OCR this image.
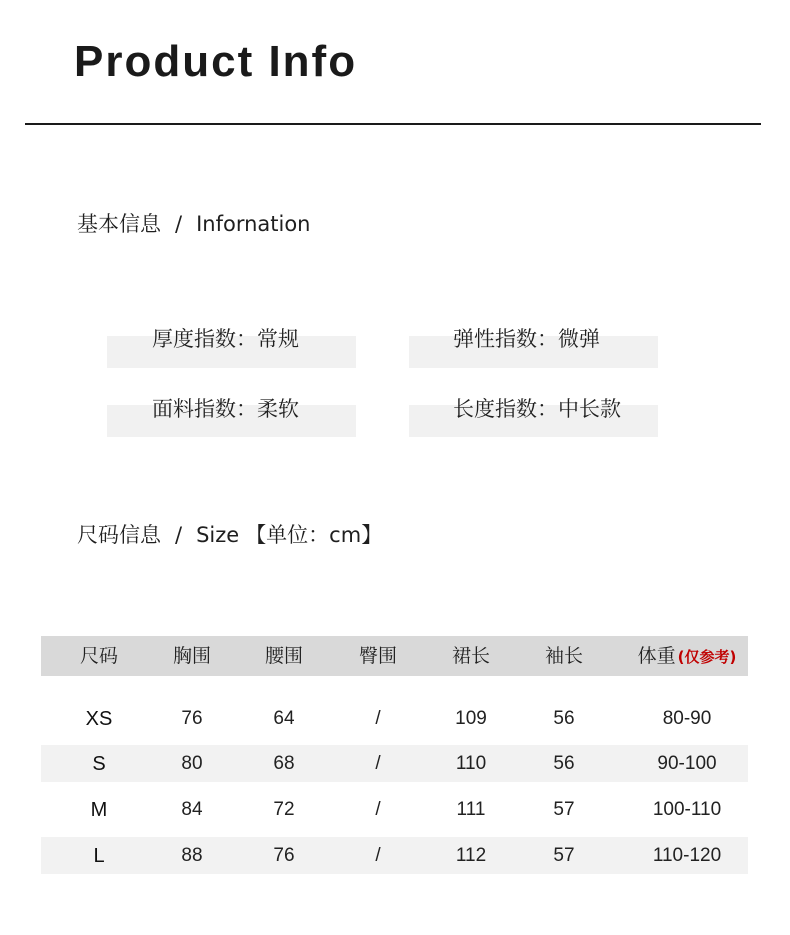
Product Info
基本信息 / Infornation
厚度指数：常规	弹性指数：微弹
面料指数：柔软	长度指数：中长款
尺码信息 / Size 【单位：cm】
尺码	胸围	腰围	臀围	裙长	袖长	体重 (仅参考)
XS	76	64	/	109	56	80-90
S	80	68	/	110	56	90-100
M	84	72	/	111	57	100-110
L	88	76	/	112	57	110-120
